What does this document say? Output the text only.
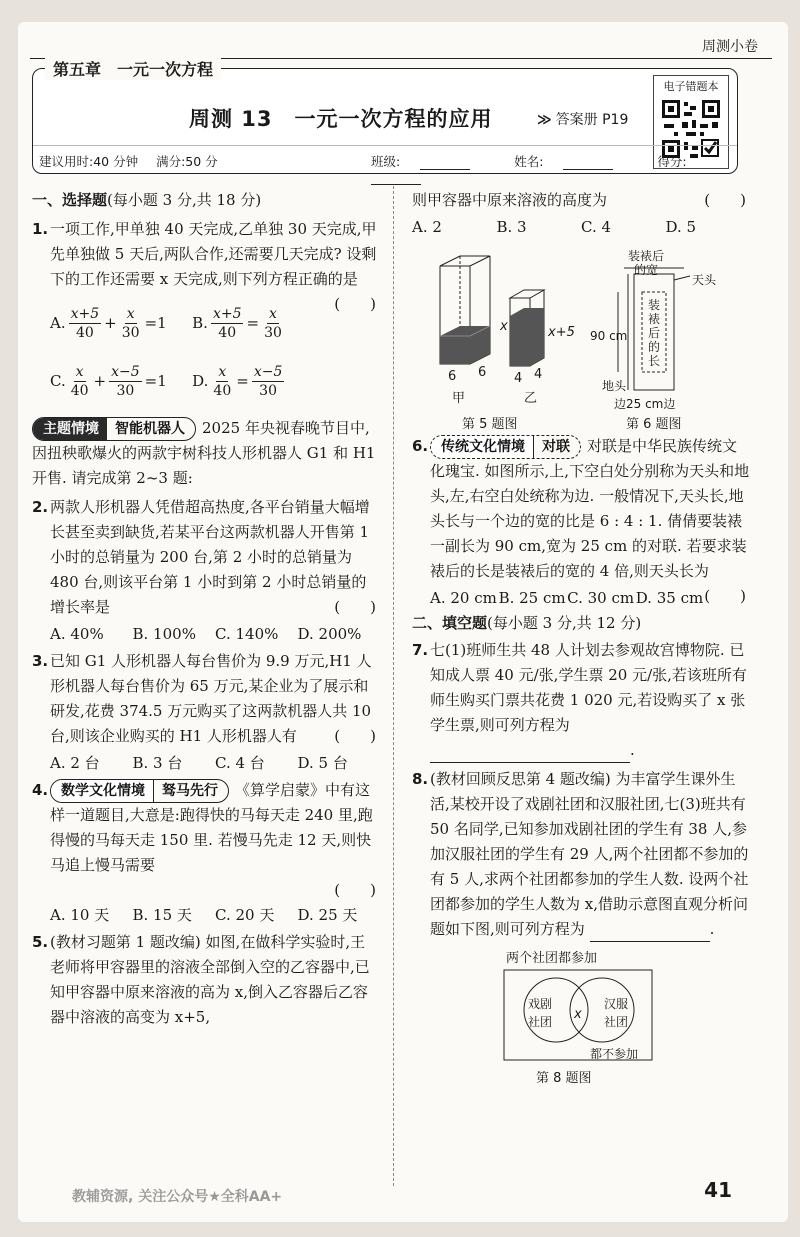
周测小卷
第五章　一元一次方程
周测 13　一元一次方程的应用	≫ 答案册 P19
电子错题本
建议用时:40 分钟 满分:50 分	班级:	姓名:	得分:
一、选择题(每小题 3 分,共 18 分)
1. 一项工作,甲单独 40 天完成,乙单独 30 天完成,甲先单独做 5 天后,两队合作,还需要几天完成? 设剩下的工作还需要 x 天完成,则下列方程正确的是
(　　)
A. $\frac{x+5}{40} + \frac{x}{30} =1$ B. $\frac{x+5}{40} = \frac{x}{30}$
C. $\frac{x}{40} + \frac{x-5}{30} =1$ D. $\frac{x}{40} = \frac{x-5}{30}$
主题情境	智能机器人	2025 年央视春晚节目中,因扭秧歌爆火的两款宇树科技人形机器人 G1 和 H1 开售. 请完成第 2~3 题:
2. 两款人形机器人凭借超高热度,各平台销量大幅增长甚至卖到缺货,若某平台这两款机器人开售第 1 小时的总销量为 200 台,第 2 小时的总销量为 480 台,则该平台第 1 小时到第 2 小时总销量的增长率是	(　　)
A. 40%	B. 100%	C. 140%	D. 200%
3. 已知 G1 人形机器人每台售价为 9.9 万元,H1 人形机器人每台售价为 65 万元,某企业为了展示和研发,花费 374.5 万元购买了这两款机器人共 10 台,则该企业购买的 H1 人形机器人有 (　　)
A. 2 台	B. 3 台	C. 4 台	D. 5 台
4. 数学文化情境	驽马先行	《算学启蒙》中有这样一道题目,大意是:跑得快的马每天走 240 里,跑得慢的马每天走 150 里. 若慢马先走 12 天,则快马追上慢马需要
(　　)
A. 10 天	B. 15 天	C. 20 天	D. 25 天
5. (教材习题第 1 题改编) 如图,在做科学实验时,王老师将甲容器里的溶液全部倒入空的乙容器中,已知甲容器中原来溶液的高为 x,倒入乙容器后乙容器中溶液的高变为 x+5,
则甲容器中原来溶液的高度为	(　　)
A. 2	B. 3	C. 4	D. 5
x	x+5
6 6 4 4
甲	乙
第 5 题图
装裱后
的宽
天头
90 cm
装裱后的长
地头
边25 cm边
第 6 题图
6. 传统文化情境	对联	对联是中华民族传统文化瑰宝. 如图所示,上,下空白处分别称为天头和地头,左,右空白处统称为边. 一般情况下,天头长,地头长与一个边的宽的比是 6 : 4 : 1. 倩倩要装裱一副长为 90 cm,宽为 25 cm 的对联. 若要求装裱后的长是装裱后的宽的 4 倍,则天头长为
(　　)
A. 20 cm B. 25 cm C. 30 cm D. 35 cm
二、填空题(每小题 3 分,共 12 分)
7. 七(1)班师生共 48 人计划去参观故宫博物院. 已知成人票 40 元/张,学生票 20 元/张,若该班所有师生购买门票共花费 1 020 元,若设购买了 x 张学生票,则可列方程为 .
8. (教材回顾反思第 4 题改编) 为丰富学生课外生活,某校开设了戏剧社团和汉服社团,七(3)班共有 50 名同学,已知参加戏剧社团的学生有 38 人,参加汉服社团的学生有 29 人,两个社团都不参加的有 5 人,求两个社团都参加的学生人数. 设两个社团都参加的学生人数为 x,借助示意图直观分析问题如下图,则可列方程为	.
两个社团都参加
戏剧
社团 x
汉服
社团
都不参加
第 8 题图
教辅资源, 关注公众号★全科AA+	41
